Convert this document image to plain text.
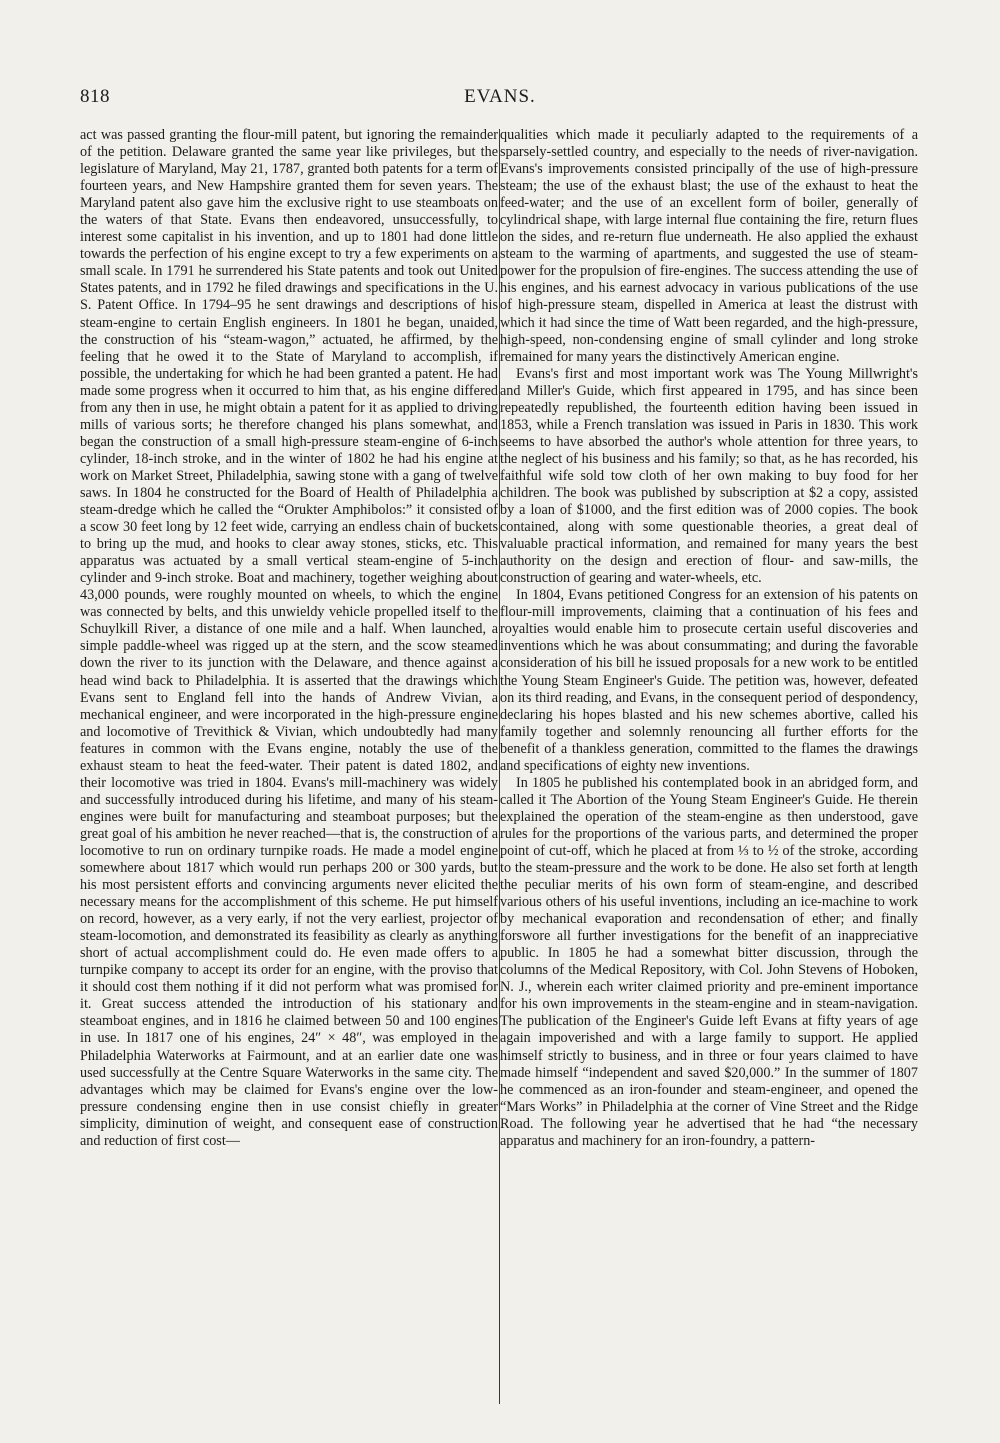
818	EVANS.

act was passed granting the flour-mill patent, but ignoring the remainder of the petition. Delaware granted the same year like privileges, but the legislature of Maryland, May 21, 1787, granted both patents for a term of fourteen years, and New Hampshire granted them for seven years. The Maryland patent also gave him the exclusive right to use steamboats on the waters of that State. Evans then endeavored, unsuccessfully, to interest some capitalist in his invention, and up to 1801 had done little towards the perfection of his engine except to try a few experiments on a small scale. In 1791 he surrendered his State patents and took out United States patents, and in 1792 he filed drawings and specifications in the U. S. Patent Office. In 1794–95 he sent drawings and descriptions of his steam-engine to certain English engineers. In 1801 he began, unaided, the construction of his “steam-wagon,” actuated, he affirmed, by the feeling that he owed it to the State of Maryland to accomplish, if possible, the undertaking for which he had been granted a patent. He had made some progress when it occurred to him that, as his engine differed from any then in use, he might obtain a patent for it as applied to driving mills of various sorts; he therefore changed his plans somewhat, and began the construction of a small high-pressure steam-engine of 6-inch cylinder, 18-inch stroke, and in the winter of 1802 he had his engine at work on Market Street, Philadelphia, sawing stone with a gang of twelve saws. In 1804 he constructed for the Board of Health of Philadelphia a steam-dredge which he called the “Orukter Amphibolos:” it consisted of a scow 30 feet long by 12 feet wide, carrying an endless chain of buckets to bring up the mud, and hooks to clear away stones, sticks, etc. This apparatus was actuated by a small vertical steam-engine of 5-inch cylinder and 9-inch stroke. Boat and machinery, together weighing about 43,000 pounds, were roughly mounted on wheels, to which the engine was connected by belts, and this unwieldy vehicle propelled itself to the Schuylkill River, a distance of one mile and a half. When launched, a simple paddle-wheel was rigged up at the stern, and the scow steamed down the river to its junction with the Delaware, and thence against a head wind back to Philadelphia. It is asserted that the drawings which Evans sent to England fell into the hands of Andrew Vivian, a mechanical engineer, and were incorporated in the high-pressure engine and locomotive of Trevithick & Vivian, which undoubtedly had many features in common with the Evans engine, notably the use of the exhaust steam to heat the feed-water. Their patent is dated 1802, and their locomotive was tried in 1804. Evans's mill-machinery was widely and successfully introduced during his lifetime, and many of his steam-engines were built for manufacturing and steamboat purposes; but the great goal of his ambition he never reached—that is, the construction of a locomotive to run on ordinary turnpike roads. He made a model engine somewhere about 1817 which would run perhaps 200 or 300 yards, but his most persistent efforts and convincing arguments never elicited the necessary means for the accomplishment of this scheme. He put himself on record, however, as a very early, if not the very earliest, projector of steam-locomotion, and demonstrated its feasibility as clearly as anything short of actual accomplishment could do. He even made offers to a turnpike company to accept its order for an engine, with the proviso that it should cost them nothing if it did not perform what was promised for it. Great success attended the introduction of his stationary and steamboat engines, and in 1816 he claimed between 50 and 100 engines in use. In 1817 one of his engines, 24″ × 48″, was employed in the Philadelphia Waterworks at Fairmount, and at an earlier date one was used successfully at the Centre Square Waterworks in the same city. The advantages which may be claimed for Evans's engine over the low-pressure condensing engine then in use consist chiefly in greater simplicity, diminution of weight, and consequent ease of construction and reduction of first cost—

qualities which made it peculiarly adapted to the requirements of a sparsely-settled country, and especially to the needs of river-navigation. Evans's improvements consisted principally of the use of high-pressure steam; the use of the exhaust blast; the use of the exhaust to heat the feed-water; and the use of an excellent form of boiler, generally of cylindrical shape, with large internal flue containing the fire, return flues on the sides, and re-return flue underneath. He also applied the exhaust steam to the warming of apartments, and suggested the use of steam-power for the propulsion of fire-engines. The success attending the use of his engines, and his earnest advocacy in various publications of the use of high-pressure steam, dispelled in America at least the distrust with which it had since the time of Watt been regarded, and the high-pressure, high-speed, non-condensing engine of small cylinder and long stroke remained for many years the distinctively American engine.

Evans's first and most important work was The Young Millwright's and Miller's Guide, which first appeared in 1795, and has since been repeatedly republished, the fourteenth edition having been issued in 1853, while a French translation was issued in Paris in 1830. This work seems to have absorbed the author's whole attention for three years, to the neglect of his business and his family; so that, as he has recorded, his faithful wife sold tow cloth of her own making to buy food for her children. The book was published by subscription at $2 a copy, assisted by a loan of $1000, and the first edition was of 2000 copies. The book contained, along with some questionable theories, a great deal of valuable practical information, and remained for many years the best authority on the design and erection of flour- and saw-mills, the construction of gearing and water-wheels, etc.

In 1804, Evans petitioned Congress for an extension of his patents on flour-mill improvements, claiming that a continuation of his fees and royalties would enable him to prosecute certain useful discoveries and inventions which he was about consummating; and during the favorable consideration of his bill he issued proposals for a new work to be entitled the Young Steam Engineer's Guide. The petition was, however, defeated on its third reading, and Evans, in the consequent period of despondency, declaring his hopes blasted and his new schemes abortive, called his family together and solemnly renouncing all further efforts for the benefit of a thankless generation, committed to the flames the drawings and specifications of eighty new inventions.

In 1805 he published his contemplated book in an abridged form, and called it The Abortion of the Young Steam Engineer's Guide. He therein explained the operation of the steam-engine as then understood, gave rules for the proportions of the various parts, and determined the proper point of cut-off, which he placed at from ⅓ to ½ of the stroke, according to the steam-pressure and the work to be done. He also set forth at length the peculiar merits of his own form of steam-engine, and described various others of his useful inventions, including an ice-machine to work by mechanical evaporation and recondensation of ether; and finally forswore all further investigations for the benefit of an inappreciative public. In 1805 he had a somewhat bitter discussion, through the columns of the Medical Repository, with Col. John Stevens of Hoboken, N. J., wherein each writer claimed priority and pre-eminent importance for his own improvements in the steam-engine and in steam-navigation. The publication of the Engineer's Guide left Evans at fifty years of age again impoverished and with a large family to support. He applied himself strictly to business, and in three or four years claimed to have made himself “independent and saved $20,000.” In the summer of 1807 he commenced as an iron-founder and steam-engineer, and opened the “Mars Works” in Philadelphia at the corner of Vine Street and the Ridge Road. The following year he advertised that he had “the necessary apparatus and machinery for an iron-foundry, a pattern-
